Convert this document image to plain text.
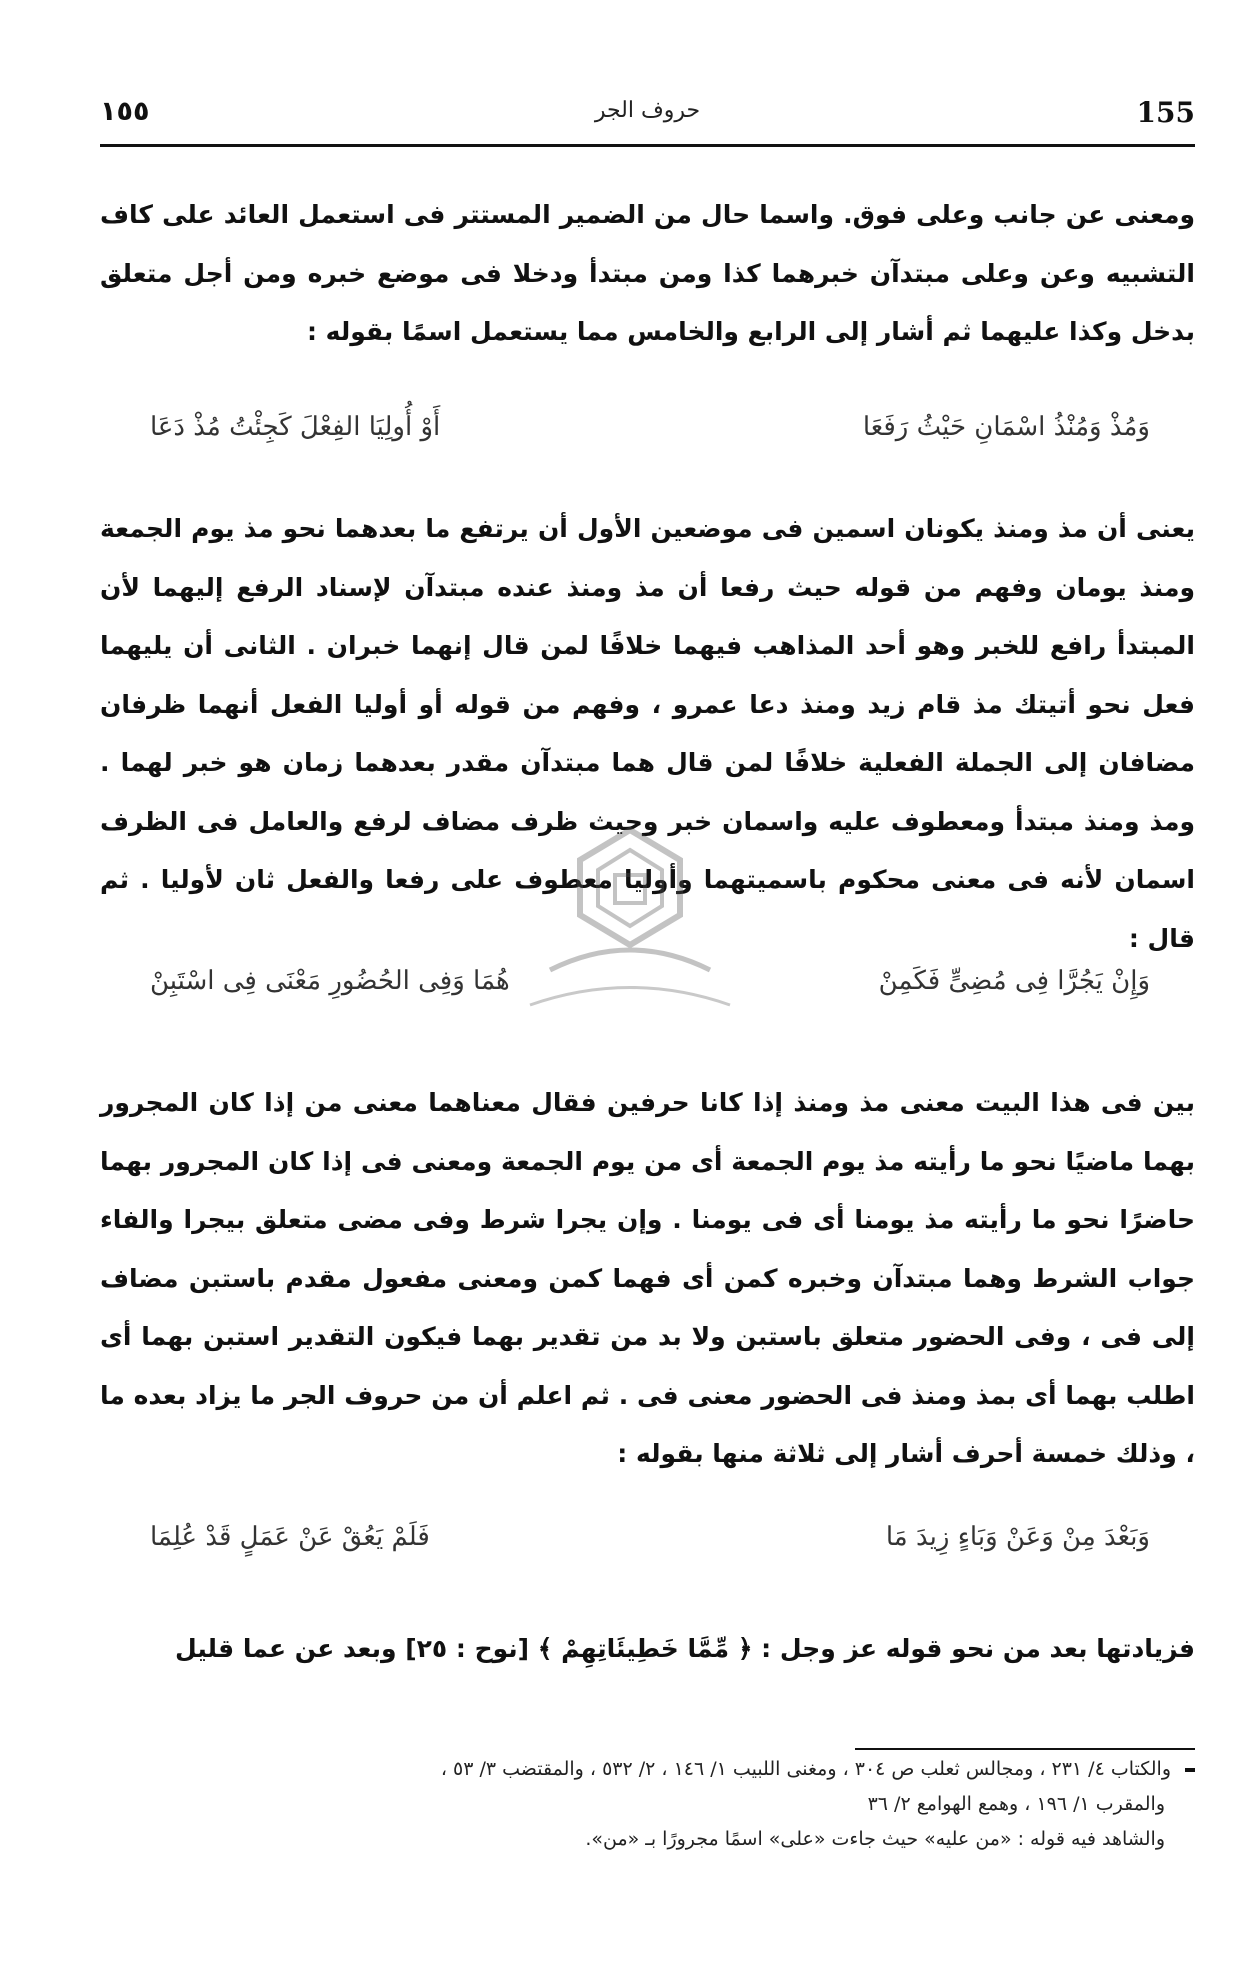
155
حروف الجر
١٥٥
ومعنى عن جانب وعلى فوق. واسما حال من الضمير المستتر فى استعمل العائد على كاف التشبيه وعن وعلى مبتدآن خبرهما كذا ومن مبتدأ ودخلا فى موضع خبره ومن أجل متعلق بدخل وكذا عليهما ثم أشار إلى الرابع والخامس مما يستعمل اسمًا بقوله :
وَمُذْ وَمُنْذُ اسْمَانِ حَيْثُ رَفَعَا
أَوْ أُولِيَا الفِعْلَ كَجِئْتُ مُذْ دَعَا
يعنى أن مذ ومنذ يكونان اسمين فى موضعين الأول أن يرتفع ما بعدهما نحو مذ يوم الجمعة ومنذ يومان وفهم من قوله حيث رفعا أن مذ ومنذ عنده مبتدآن لإسناد الرفع إليهما لأن المبتدأ رافع للخبر وهو أحد المذاهب فيهما خلافًا لمن قال إنهما خبران . الثانى أن يليهما فعل نحو أتيتك مذ قام زيد ومنذ دعا عمرو ، وفهم من قوله أو أوليا الفعل أنهما ظرفان مضافان إلى الجملة الفعلية خلافًا لمن قال هما مبتدآن مقدر بعدهما زمان هو خبر لهما . ومذ ومنذ مبتدأ ومعطوف عليه واسمان خبر وحيث ظرف مضاف لرفع والعامل فى الظرف اسمان لأنه فى معنى محكوم باسميتهما وأوليا معطوف على رفعا والفعل ثان لأوليا . ثم قال :
وَإِنْ يَجُرَّا فِى مُضِىٍّ فَكَمِنْ
هُمَا وَفِى الحُضُورِ مَعْنَى فِى اسْتَبِنْ
بين فى هذا البيت معنى مذ ومنذ إذا كانا حرفين فقال معناهما معنى من إذا كان المجرور بهما ماضيًا نحو ما رأيته مذ يوم الجمعة أى من يوم الجمعة ومعنى فى إذا كان المجرور بهما حاضرًا نحو ما رأيته مذ يومنا أى فى يومنا . وإن يجرا شرط وفى مضى متعلق بيجرا والفاء جواب الشرط وهما مبتدآن وخبره كمن أى فهما كمن ومعنى مفعول مقدم باستبن مضاف إلى فى ، وفى الحضور متعلق باستبن ولا بد من تقدير بهما فيكون التقدير استبن بهما أى اطلب بهما أى بمذ ومنذ فى الحضور معنى فى . ثم اعلم أن من حروف الجر ما يزاد بعده ما ، وذلك خمسة أحرف أشار إلى ثلاثة منها بقوله :
وَبَعْدَ مِنْ وَعَنْ وَبَاءٍ زِيدَ مَا
فَلَمْ يَعُقْ عَنْ عَمَلٍ قَدْ عُلِمَا
فزيادتها بعد من نحو قوله عز وجل : ﴿ مِّمَّا خَطِيئَاتِهِمْ ﴾ [نوح : ٢٥] وبعد عن عما قليل
والكتاب ٤/ ٢٣١ ، ومجالس ثعلب ص ٣٠٤ ، ومغنى اللبيب ١/ ١٤٦ ، ٢/ ٥٣٢ ، والمقتضب ٣/ ٥٣ ،
والمقرب ١/ ١٩٦ ، وهمع الهوامع ٢/ ٣٦
والشاهد فيه قوله : «من عليه» حيث جاءت «على» اسمًا مجرورًا بـ «من».
